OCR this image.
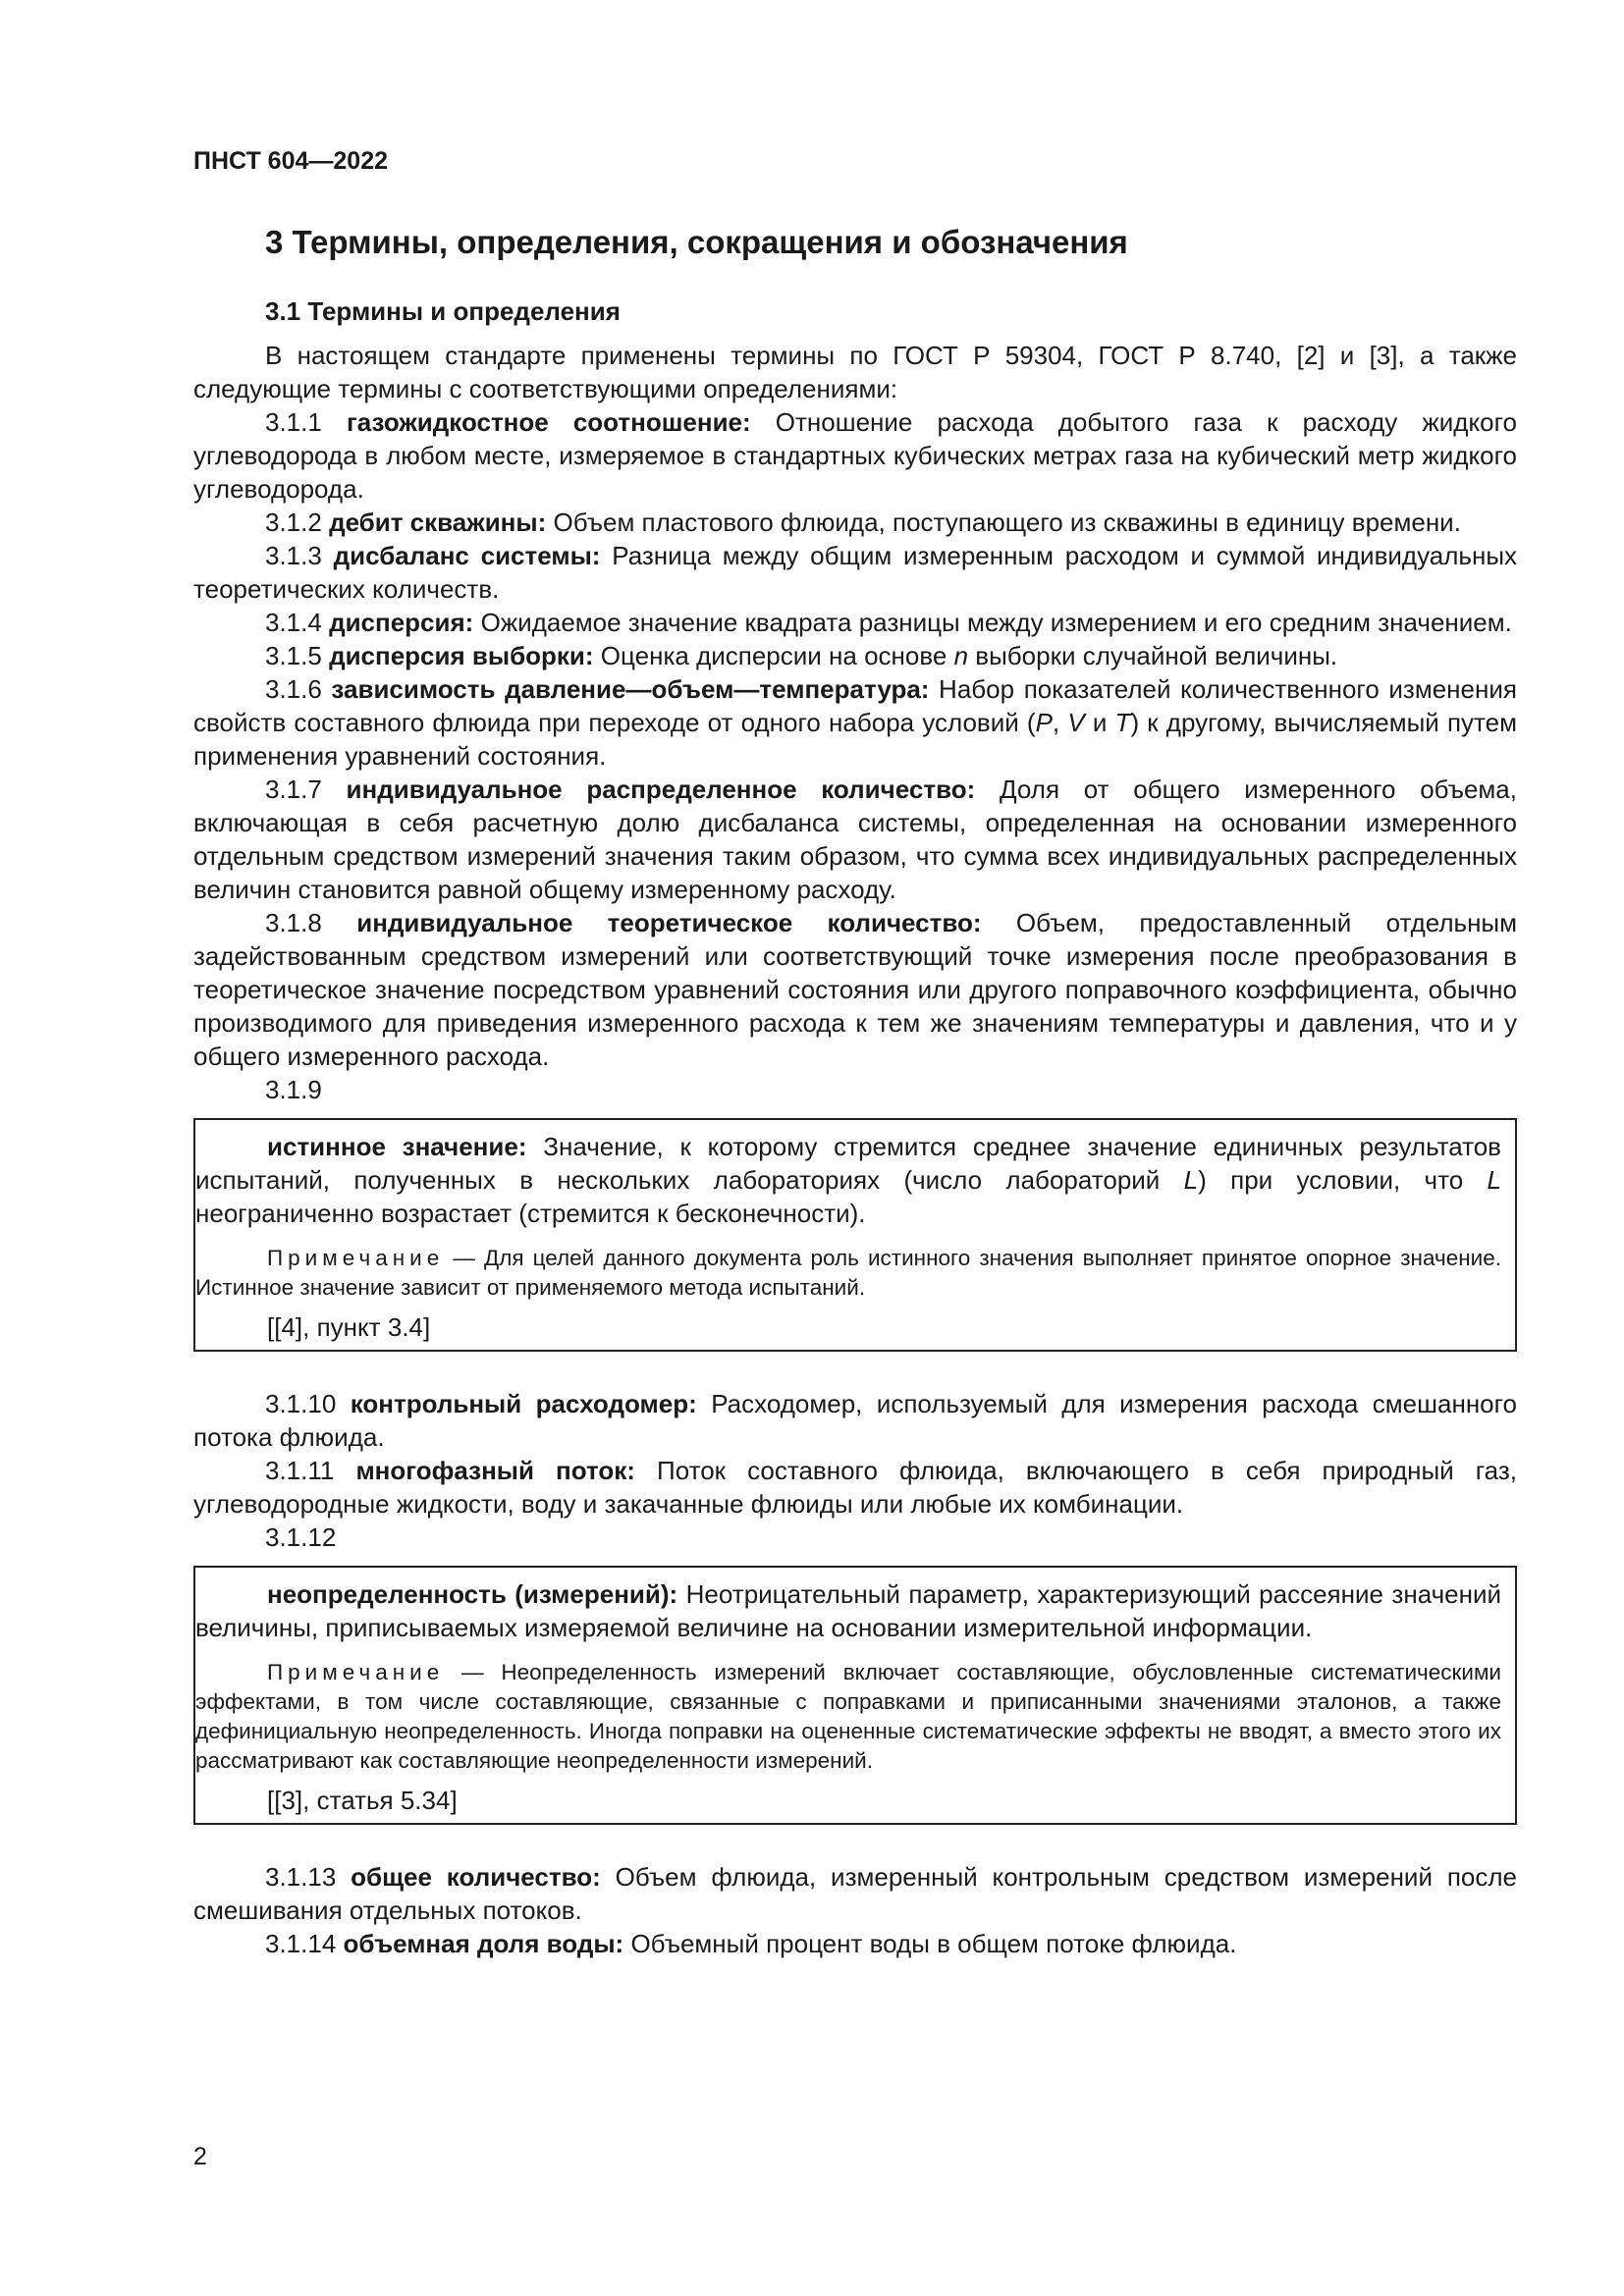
ПНСТ 604—2022
3 Термины, определения, сокращения и обозначения
3.1 Термины и определения

В настоящем стандарте применены термины по ГОСТ Р 59304, ГОСТ Р 8.740, [2] и [3], а также следующие термины с соответствующими определениями:

3.1.1 газожидкостное соотношение: Отношение расхода добытого газа к расходу жидкого углеводорода в любом месте, измеряемое в стандартных кубических метрах газа на кубический метр жидкого углеводорода.

3.1.2 дебит скважины: Объем пластового флюида, поступающего из скважины в единицу времени.

3.1.3 дисбаланс системы: Разница между общим измеренным расходом и суммой индивидуальных теоретических количеств.

3.1.4 дисперсия: Ожидаемое значение квадрата разницы между измерением и его средним значением.

3.1.5 дисперсия выборки: Оценка дисперсии на основе n выборки случайной величины.

3.1.6 зависимость давление—объем—температура: Набор показателей количественного изменения свойств составного флюида при переходе от одного набора условий (P, V и T) к другому, вычисляемый путем применения уравнений состояния.

3.1.7 индивидуальное распределенное количество: Доля от общего измеренного объема, включающая в себя расчетную долю дисбаланса системы, определенная на основании измеренного отдельным средством измерений значения таким образом, что сумма всех индивидуальных распределенных величин становится равной общему измеренному расходу.

3.1.8 индивидуальное теоретическое количество: Объем, предоставленный отдельным задействованным средством измерений или соответствующий точке измерения после преобразования в теоретическое значение посредством уравнений состояния или другого поправочного коэффициента, обычно производимого для приведения измеренного расхода к тем же значениям температуры и давления, что и у общего измеренного расхода.

3.1.9

истинное значение: Значение, к которому стремится среднее значение единичных результатов испытаний, полученных в нескольких лабораториях (число лабораторий L) при условии, что L неограниченно возрастает (стремится к бесконечности).

Примечание — Для целей данного документа роль истинного значения выполняет принятое опорное значение. Истинное значение зависит от применяемого метода испытаний.

[[4], пункт 3.4]

3.1.10 контрольный расходомер: Расходомер, используемый для измерения расхода смешанного потока флюида.

3.1.11 многофазный поток: Поток составного флюида, включающего в себя природный газ, углеводородные жидкости, воду и закачанные флюиды или любые их комбинации.

3.1.12

неопределенность (измерений): Неотрицательный параметр, характеризующий рассеяние значений величины, приписываемых измеряемой величине на основании измерительной информации.

Примечание — Неопределенность измерений включает составляющие, обусловленные систематическими эффектами, в том числе составляющие, связанные с поправками и приписанными значениями эталонов, а также дефинициальную неопределенность. Иногда поправки на оцененные систематические эффекты не вводят, а вместо этого их рассматривают как составляющие неопределенности измерений.

[[3], статья 5.34]

3.1.13 общее количество: Объем флюида, измеренный контрольным средством измерений после смешивания отдельных потоков.

3.1.14 объемная доля воды: Объемный процент воды в общем потоке флюида.

2
